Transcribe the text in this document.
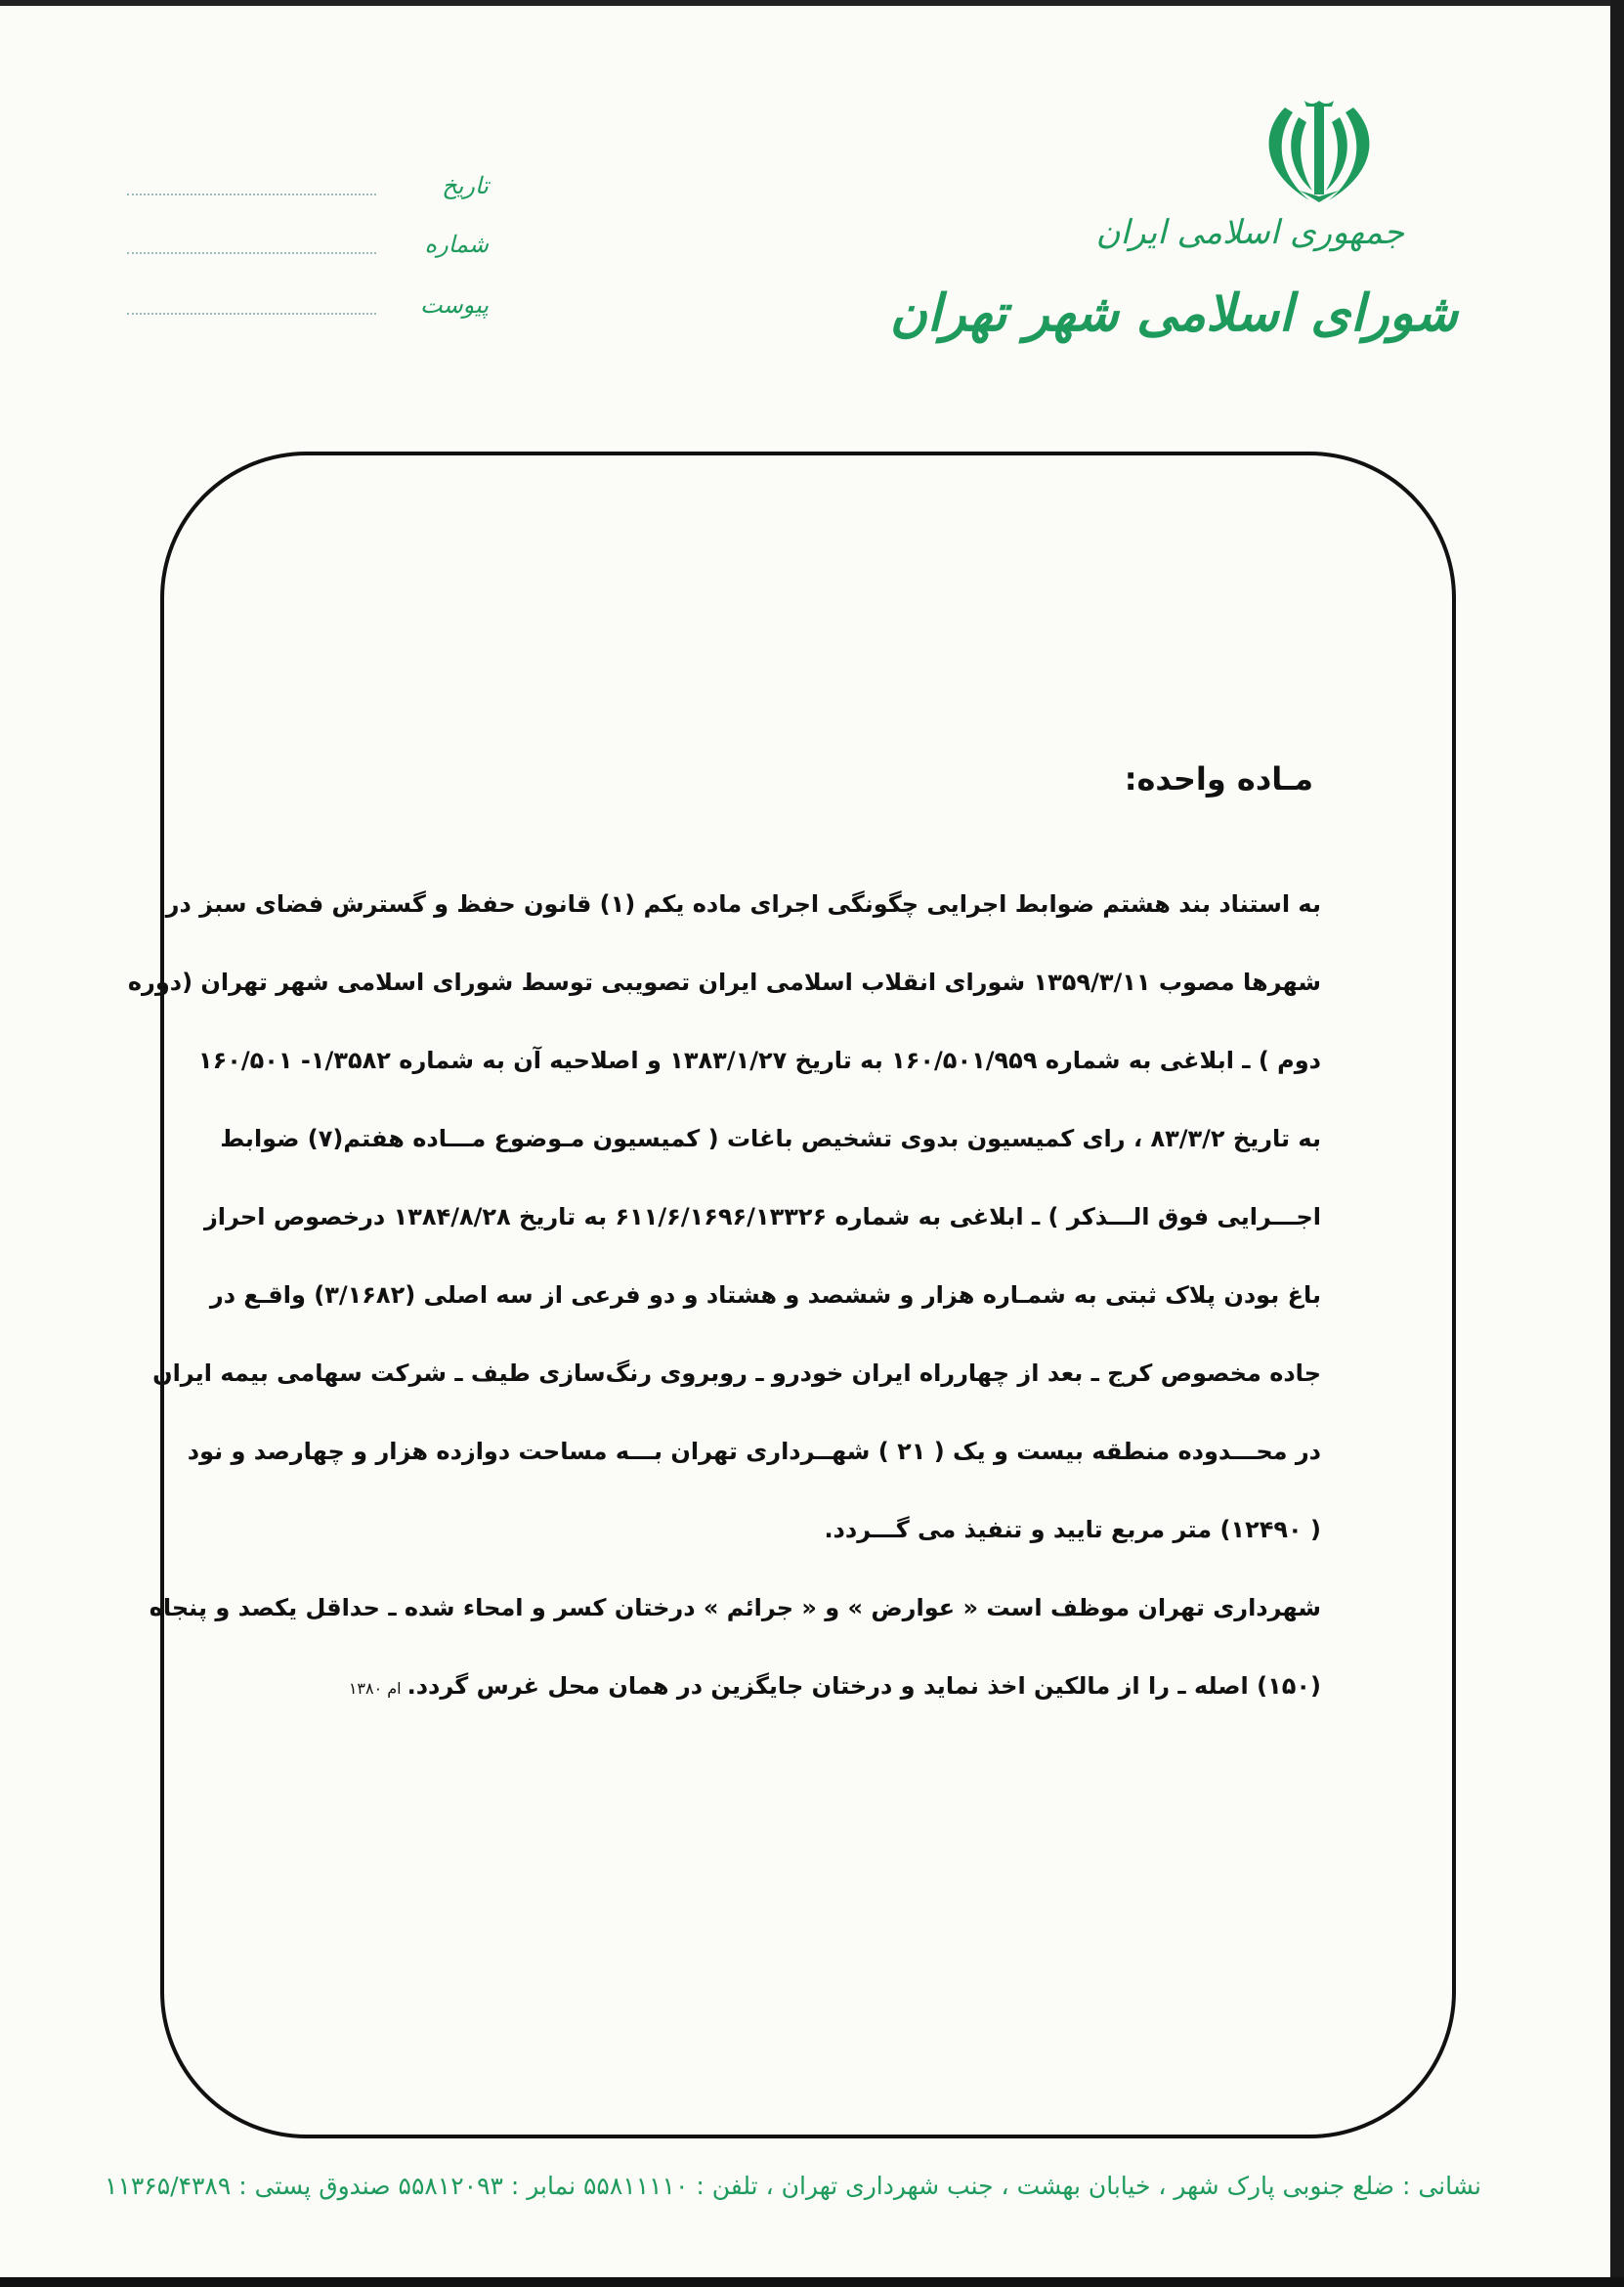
جمهوری اسلامی ایران
شورای اسلامی شهر تهران
تاریخ
شماره
پیوست
مـاده واحده:
به استناد بند هشتم ضوابط اجرایی چگونگی اجرای ماده یکم (۱) قانون حفظ و گسترش فضای سبز در
شهرها مصوب ۱۳۵۹/۳/۱۱ شورای انقلاب اسلامی ایران تصویبی توسط شورای اسلامی شهر تهران (دوره
دوم ) ـ ابلاغی به شماره ۱۶۰/۵۰۱/۹۵۹ به تاریخ ۱۳۸۳/۱/۲۷ و اصلاحیه آن به شماره ۱/۳۵۸۲- ۱۶۰/۵۰۱
به تاریخ ۸۳/۳/۲ ، رای کمیسیون بدوی تشخیص باغات ( کمیسیون مـوضوع مـــاده هفتم(۷) ضوابط
اجـــرایی فوق الـــذکر ) ـ ابلاغی به شماره ۶۱۱/۶/۱۶۹۶/۱۳۳۲۶ به تاریخ ۱۳۸۴/۸/۲۸ درخصوص احراز
باغ بودن پلاک ثبتی به شمـاره هزار و ششصد و هشتاد و دو فرعی از سه اصلی (۳/۱۶۸۲) واقـع در
جاده مخصوص کرج ـ بعد از چهارراه ایران خودرو ـ روبروی رنگ‌سازی طیف ـ شرکت سهامی بیمه ایران
در محـــدوده منطقه بیست و یک ( ۲۱ ) شهــرداری تهران بـــه مساحت دوازده هزار و چهارصد و نود
( ۱۲۴۹۰) متر مربع تایید و تنفیذ می گـــردد.
شهرداری تهران موظف است « عوارض » و « جرائم » درختان کسر و امحاء شده ـ حداقل یکصد و پنجاه
(۱۵۰) اصله ـ را از مالکین اخذ نماید و درختان جایگزین در همان محل غرس گردد.ام ۱۳۸۰
نشانی : ضلع جنوبی پارک شهر ، خیابان بهشت ، جنب شهرداری تهران ، تلفن : ۵۵۸۱۱۱۱۰ نمابر : ۵۵۸۱۲۰۹۳ صندوق پستی : ۱۱۳۶۵/۴۳۸۹
